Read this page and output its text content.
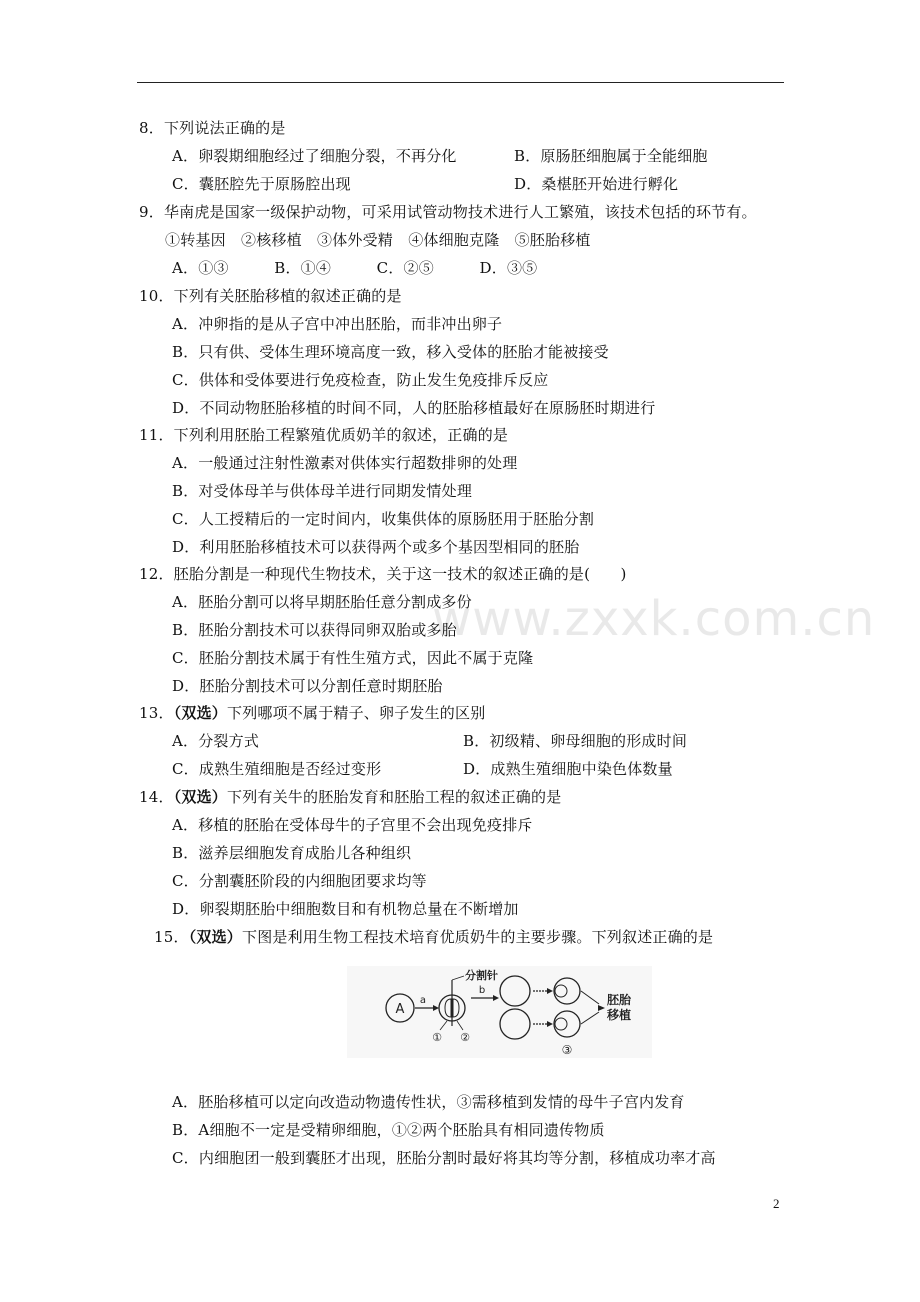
www.zxxk.com.cn
8．下列说法正确的是
A．卵裂期细胞经过了细胞分裂，不再分化	B．原肠胚细胞属于全能细胞
C．囊胚腔先于原肠腔出现	D．桑椹胚开始进行孵化
9．华南虎是国家一级保护动物，可采用试管动物技术进行人工繁殖，该技术包括的环节有。
①转基因　②核移植　③体外受精　④体细胞克隆　⑤胚胎移植
A．①③　　　B．①④　　　C．②⑤　　　D．③⑤
10．下列有关胚胎移植的叙述正确的是
A．冲卵指的是从子宫中冲出胚胎，而非冲出卵子
B．只有供、受体生理环境高度一致，移入受体的胚胎才能被接受
C．供体和受体要进行免疫检查，防止发生免疫排斥反应
D．不同动物胚胎移植的时间不同，人的胚胎移植最好在原肠胚时期进行
11．下列利用胚胎工程繁殖优质奶羊的叙述，正确的是
A．一般通过注射性激素对供体实行超数排卵的处理
B．对受体母羊与供体母羊进行同期发情处理
C．人工授精后的一定时间内，收集供体的原肠胚用于胚胎分割
D．利用胚胎移植技术可以获得两个或多个基因型相同的胚胎
12．胚胎分割是一种现代生物技术，关于这一技术的叙述正确的是(　　)
A．胚胎分割可以将早期胚胎任意分割成多份
B．胚胎分割技术可以获得同卵双胎或多胎
C．胚胎分割技术属于有性生殖方式，因此不属于克隆
D．胚胎分割技术可以分割任意时期胚胎
13．（双选）下列哪项不属于精子、卵子发生的区别
A．分裂方式	B．初级精、卵母细胞的形成时间
C．成熟生殖细胞是否经过变形	D．成熟生殖细胞中染色体数量
14．（双选）下列有关牛的胚胎发育和胚胎工程的叙述正确的是
A．移植的胚胎在受体母牛的子宫里不会出现免疫排斥
B．滋养层细胞发育成胎儿各种组织
C．分割囊胚阶段的内细胞团要求均等
D．卵裂期胚胎中细胞数目和有机物总量在不断增加
15．（双选）下图是利用生物工程技术培育优质奶牛的主要步骤。下列叙述正确的是
A
a
分割针
① ②
b
③
胚胎
移植
A．胚胎移植可以定向改造动物遗传性状，③需移植到发情的母牛子宫内发育
B．A细胞不一定是受精卵细胞，①②两个胚胎具有相同遗传物质
C．内细胞团一般到囊胚才出现，胚胎分割时最好将其均等分割，移植成功率才高
2
